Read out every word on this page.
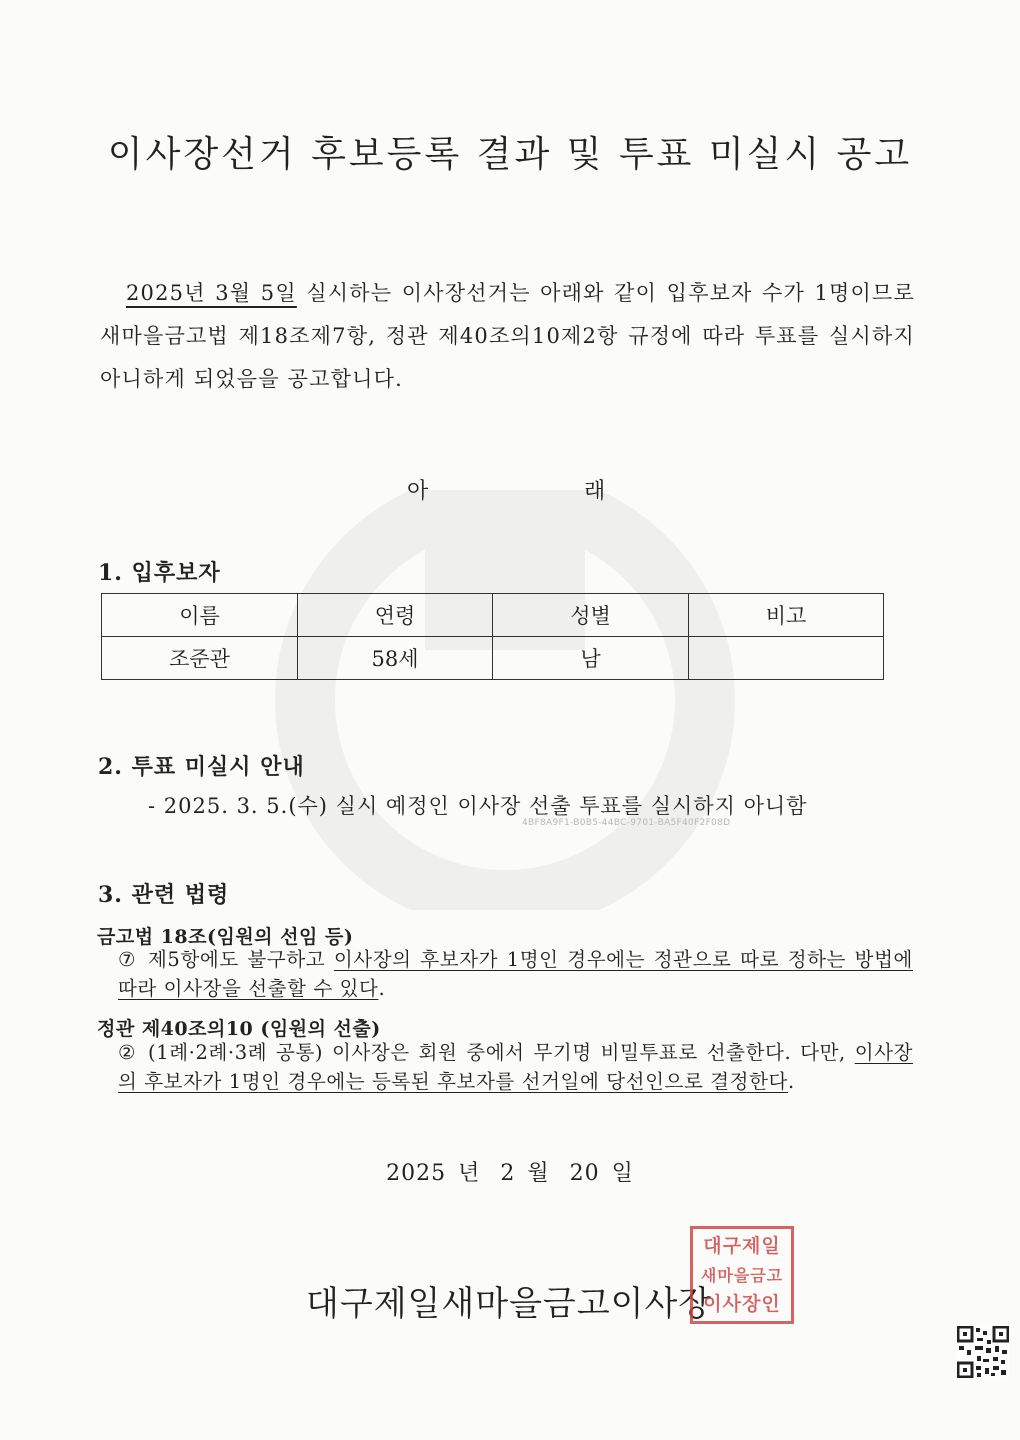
이사장선거 후보등록 결과 및 투표 미실시 공고
2025년 3월 5일 실시하는 이사장선거는 아래와 같이 입후보자 수가 1명이므로 새마을금고법 제18조제7항, 정관 제40조의10제2항 규정에 따라 투표를 실시하지 아니하게 되었음을 공고합니다.
아	래
1. 입후보자
이름	연령	성별	비고
조준관	58세	남	
2. 투표 미실시 안내
- 2025. 3. 5.(수) 실시 예정인 이사장 선출 투표를 실시하지 아니함
4BF8A9F1-B0B5-44BC-9701-BA5F40F2F08D
3. 관련 법령
금고법 18조(임원의 선임 등)
⑦ 제5항에도 불구하고 이사장의 후보자가 1명인 경우에는 정관으로 따로 정하는 방법에 따라 이사장을 선출할 수 있다.
정관 제40조의10 (임원의 선출)
② (1례·2례·3례 공통) 이사장은 회원 중에서 무기명 비밀투표로 선출한다. 다만, 이사장의 후보자가 1명인 경우에는 등록된 후보자를 선거일에 당선인으로 결정한다.
2025 년 2 월 20 일
대구제일새마을금고이사장
대구제일
새마을금고
이사장인
